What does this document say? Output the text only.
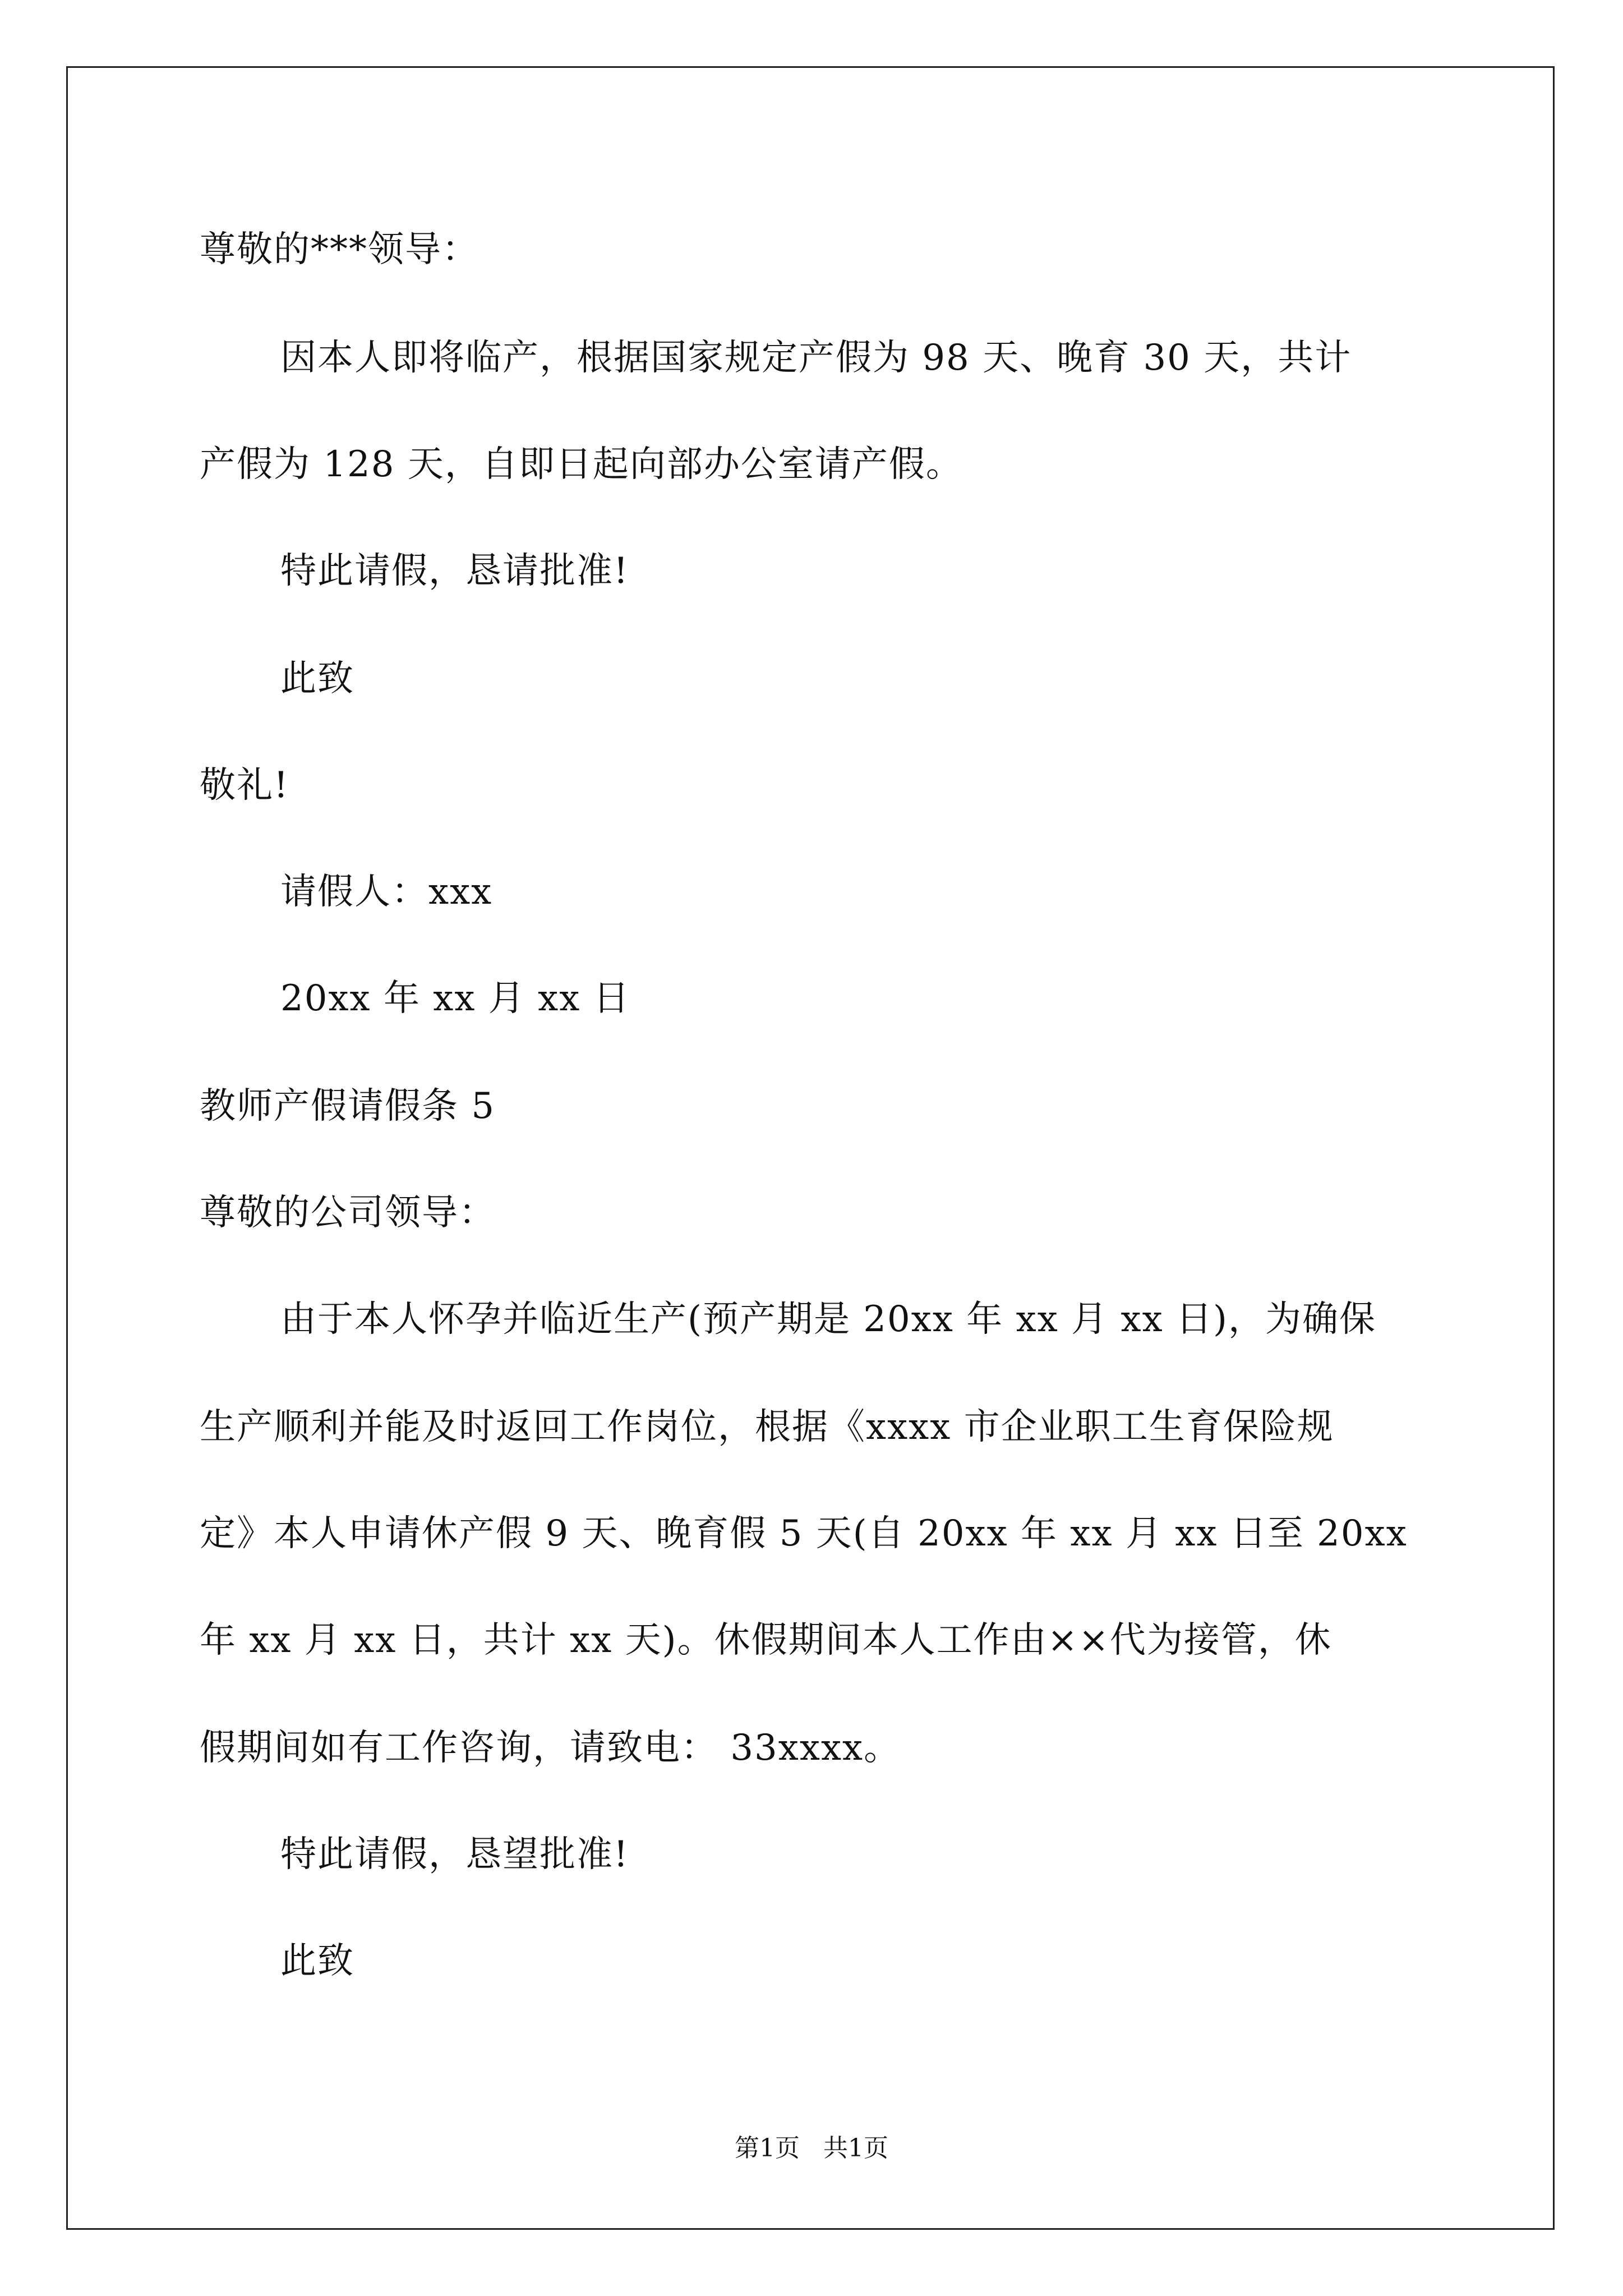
尊敬的***领导：
因本人即将临产，根据国家规定产假为 98 天、晚育 30 天，共计
产假为 128 天，自即日起向部办公室请产假。
特此请假，恳请批准!
此致
敬礼!
请假人：xxx
20xx 年 xx 月 xx 日
教师产假请假条 5
尊敬的公司领导：
由于本人怀孕并临近生产(预产期是 20xx 年 xx 月 xx 日)，为确保
生产顺利并能及时返回工作岗位，根据《xxxx 市企业职工生育保险规
定》本人申请休产假 9 天、晚育假 5 天(自 20xx 年 xx 月 xx 日至 20xx
年 xx 月 xx 日，共计 xx 天)。休假期间本人工作由××代为接管，休
假期间如有工作咨询，请致电： 33xxxx。
特此请假，恳望批准!
此致
第1页   共1页
